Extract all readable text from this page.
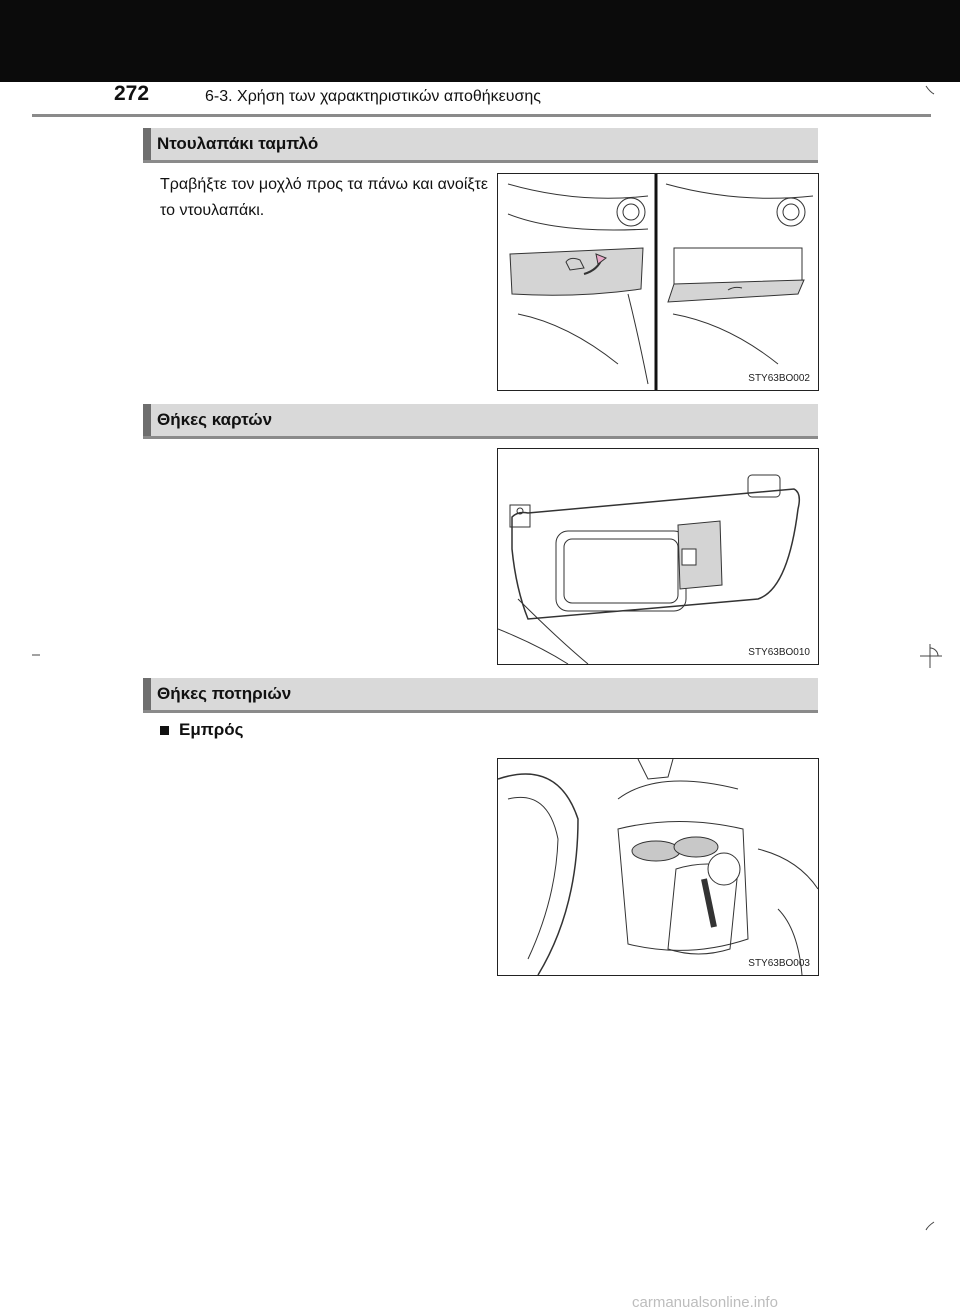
272	6-3. Χρήση των χαρακτηριστικών αποθήκευσης
Ντουλαπάκι ταμπλό
Τραβήξτε τον μοχλό προς τα πάνω και ανοίξτε το ντουλαπάκι.
STY63BO002
Θήκες καρτών
STY63BO010
Θήκες ποτηριών
Εμπρός
STY63BO003
carmanualsonline.info
